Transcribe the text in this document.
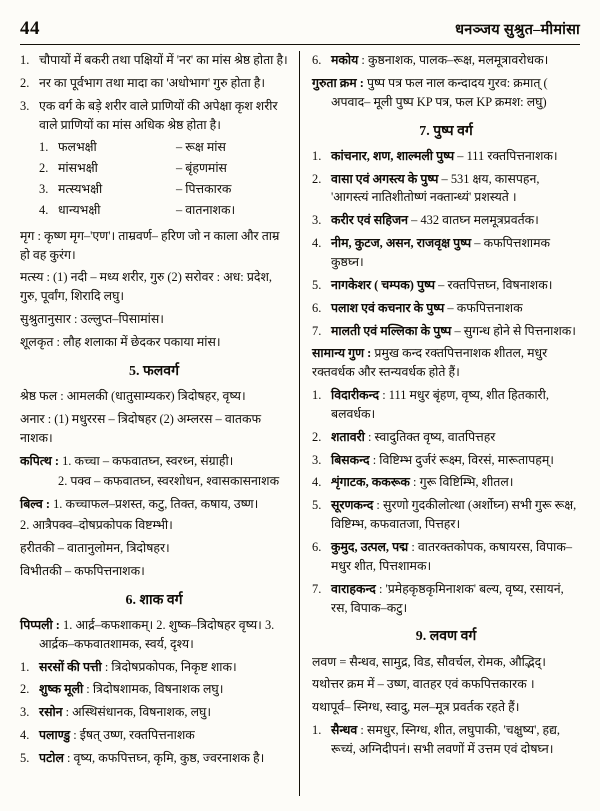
44	धनञ्जय सुश्रुत–मीमांसा
1. चौपायों में बकरी तथा पक्षियों में 'नर' का मांस श्रेष्ठ होता है।
2. नर का पूर्वभाग तथा मादा का 'अधोभाग' गुरु होता है।
3. एक वर्ग के बड़े शरीर वाले प्राणियों की अपेक्षा कृश शरीर वाले प्राणियों का मांस अधिक श्रेष्ठ होता है।
1. फलभक्षी	– रूक्ष मांस
2. मांसभक्षी	– बृंहणमांस
3. मत्स्यभक्षी	– पित्तकारक
4. धान्यभक्षी	– वातनाशक।
मृग : कृष्ण मृग–'एण'। ताम्रवर्ण– हरिण जो न काला और ताम्र हो वह कुरंग।
मत्स्य : (1) नदी – मध्य शरीर, गुरु (2) सरोवर : अध: प्रदेश, गुरु, पूर्वांग, शिरादि लघु।
सुश्रुतानुसार : उल्लुप्त–पिसामांस।
शूलकृत : लौह शलाका में छेदकर पकाया मांस।
5. फलवर्ग
श्रेष्ठ फल : आमलकी (धातुसाम्यकर) त्रिदोषहर, वृष्य।
अनार : (1) मधुररस – त्रिदोषहर (2) अम्लरस – वातकफ नाशक।
कपित्थ : 1. कच्चा – कफवातघ्न, स्वरध्न, संग्राही।
2. पक्व – कफवातघ्न, स्वरशोधन, श्वासकासनाशक
बिल्व : 1. कच्चाफल–प्रशस्त, कटु, तिक्त, कषाय, उष्ण।
2. आत्रैपक्व–दोषप्रकोपक विष्टम्भी।
हरीतकी – वातानुलोमन, त्रिदोषहर।
विभीतकी – कफपित्तनाशक।
6. शाक वर्ग
पिप्पली : 1. आर्द्र–कफशाकम्। 2. शुष्क–त्रिदोषहर वृष्य। 3. आर्द्रक–कफवातशामक, स्वर्य, दृश्य।
1. सरसों की पत्ती : त्रिदोषप्रकोपक, निकृष्ट शाक।
2. शुष्क मूली : त्रिदोषशामक, विषनाशक लघु।
3. रसोन : अस्थिसंधानक, विषनाशक, लघु।
4. पलाण्डु : ईषत् उष्ण, रक्तपित्तनाशक
5. पटोल : वृष्य, कफपित्तघ्न, कृमि, कुष्ठ, ज्वरनाशक है।
6. मकोय : कुष्ठनाशक, पालक–रूक्ष, मलमूत्रावरोधक।
गुरुता क्रम : पुष्प पत्र फल नाल कन्दादय गुरव: क्रमात् ( अपवाद– मूली पुष्प KP पत्र, फल KP क्रमश: लघु)
7. पुष्प वर्ग
1. कांचनार, शण, शाल्मली पुष्प – 111 रक्तपित्तनाशक।
2. वासा एवं अगस्त्य के पुष्प – 531 क्षय, कासपहन, 'आगस्त्यं नातिशीतोष्णं नक्तान्ध्यं' प्रशस्यते ।
3. करीर एवं सहिजन – 432 वातघ्न मलमूत्रप्रवर्तक।
4. नीम, कुटज, असन, राजवृक्ष पुष्प – कफपित्तशामक कुष्ठघ्न।
5. नागकेशर ( चम्पक) पुष्प – रक्तपित्तघ्न, विषनाशक।
6. पलाश एवं कचनार के पुष्प – कफपित्तनाशक
7. मालती एवं मल्लिका के पुष्प – सुगन्ध होने से पित्तनाशक।
सामान्य गुण : प्रमुख कन्द रक्तपित्तनाशक शीतल, मधुर रक्तवर्धक और स्तन्यवर्धक होते हैं।
1. विदारीकन्द : 111 मधुर बृंहण, वृष्य, शीत हितकारी, बलवर्धक।
2. शतावरी : स्वादुतिक्त वृष्य, वातपित्तहर
3. बिसकन्द : विष्टिम्भ दुर्जरं रूक्ष्म, विरसं, मारूतापहम्।
4. शृंगाटक, ककरूक : गुरू विष्टिम्भि, शीतल।
5. सूरणकन्द : सुरणो गुदकीलोत्था (अर्शोघ्न) सभी गुरू रूक्ष, विष्टिम्भ, कफवातजा, पित्तहर।
6. कुमुद, उत्पल, पद्म : वातरक्तकोपक, कषायरस, विपाक– मधुर शीत, पित्तशामक।
7. वाराहकन्द : 'प्रमेहकृष्ठकृमिनाशक' बल्य, वृष्य, रसायनं, रस, विपाक–कटु।
9. लवण वर्ग
लवण = सैन्धव, सामुद्र, विड, सौवर्चल, रोमक, औद्भिद्।
यथोत्तर क्रम में – उष्ण, वातहर एवं कफपित्तकारक ।
यथापूर्व– स्निग्ध, स्वादु, मल–मूत्र प्रवर्तक रहते हैं।
1. सैन्धव : समधुर, स्निग्ध, शीत, लघुपाकी, 'चक्षुष्य', हद्य, रूच्यं, अग्निदीपनं। सभी लवणों में उत्तम एवं दोषघ्न।
